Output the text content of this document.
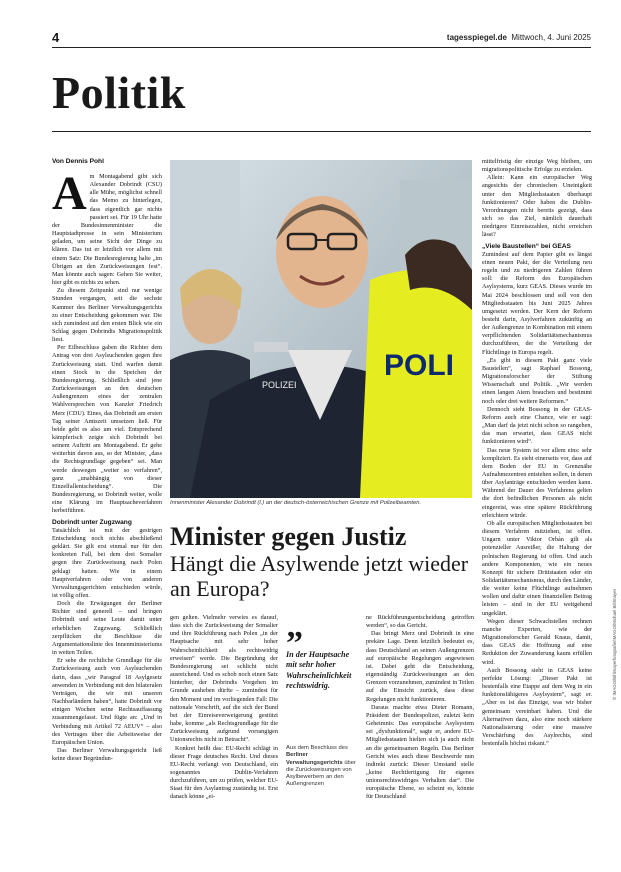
4	tagesspiegel.de Mittwoch, 4. Juni 2025
Politik
Von Dennis Pohl

Am Montagabend gibt sich Alexander Dobrindt (CSU) alle Mühe, möglichst schnell das Memo zu hinterlegen, dass eigentlich gar nichts passiert sei. Für 19 Uhr hatte der Bundesinnenminister die Hauptstadtpresse in sein Ministerium geladen, um seine Sicht der Dinge zu klären. Das tut er letztlich vor allem mit einem Satz: Die Bundesregierung halte „im Übrigen an den Zurückweisungen fest“. Man könnte auch sagen: Gehen Sie weiter, hier gibt es nichts zu sehen.

Zu diesem Zeitpunkt sind nur wenige Stunden vergangen, seit die sechste Kammer des Berliner Verwaltungsgerichts zu einer Entscheidung gekommen war. Die sich zumindest auf den ersten Blick wie ein Schlag gegen Dobrindts Migrationspolitik liest.

Per Eilbeschluss gaben die Richter dem Antrag von drei Asylsuchenden gegen ihre Zurückweisung statt. Und warfen damit einen Stock in die Speichen der Bundesregierung. Schließlich sind jene Zurückweisungen an den deutschen Außengrenzen eines der zentralen Wahlversprechen von Kanzler Friedrich Merz (CDU). Eines, das Dobrindt am ersten Tag seiner Amtszeit umsetzen ließ. Für beide geht es also um viel. Entsprechend kämpferisch zeigte sich Dobrindt bei seinem Auftritt am Montagabend. Er gehe weiterhin davon aus, so der Minister, „dass die Rechtsgrundlage gegeben“ sei. Man werde deswegen „weiter so verfahren“, ganz „unabhängig von dieser Einzelfallentscheidung“. Die Bundesregierung, so Dobrindt weiter, wolle eine Klärung im Hauptsacheverfahren herbeiführen.

Dobrindt unter Zugzwang

Tatsächlich ist mit der gestrigen Entscheidung noch nichts abschließend geklärt. Sie gilt erst einmal nur für den konkreten Fall, bei dem drei Somalier gegen ihre Zurückweisung nach Polen geklagt hatten. Wie in einem Hauptverfahren oder von anderen Verwaltungsgerichten entschieden würde, ist völlig offen.

Doch die Erwägungen der Berliner Richter sind generell – und bringen Dobrindt und seine Leute damit unter erheblichen Zugzwang. Schließlich zerpflücken die Beschlüsse die Argumentationslinie des Innenministeriums in weiten Teilen.

Er sehe die rechtliche Grundlage für die Zurückweisung auch von Asylsuchenden darin, dass „wir Paragraf 18 Asylgesetz anwenden in Verbindung mit den bilateralen Verträgen, die wir mit unseren Nachbarländern haben“, hatte Dobrindt vor einigen Wochen seine Rechtsauffassung zusammengefasst. Und fügte an: „Und in Verbindung mit Artikel 72 AEUV“ – also des Vertrages über die Arbeitsweise der Europäischen Union.

Das Berliner Verwaltungsgericht ließ keine dieser Begründun-

POLI
POLIZEI
Innenminister Alexander Dobrindt (l.) an der deutsch-österreichischen Grenze mit Polizeibeamten.
Minister gegen Justiz
Hängt die Asylwende jetzt wieder an Europa?

gen gelten. Vielmehr verwies es darauf, dass sich die Zurückweisung der Somalier und ihre Rückführung nach Polen „in der Hauptsache mit sehr hoher Wahrscheinlichkeit als rechtswidrig erweisen“ werde. Die Begründung der Bundesregierung sei schlicht nicht ausreichend. Und es schob noch einen Satz hinterher, der Dobrindts Vorgehen im Grunde ausheben dürfte – zumindest für den Moment und im vorliegenden Fall: Die nationale Vorschrift, auf die sich der Bund bei der Einreiseverweigerung gestützt habe, komme „als Rechtsgrundlage für die Zurückweisung aufgrund vorrangigen Unionsrechts nicht in Betracht“.

Konkret heißt das: EU-Recht schlägt in dieser Frage deutsches Recht. Und dieses EU-Recht verlangt von Deutschland, ein sogenanntes Dublin-Verfahren durchzuführen, um zu prüfen, welcher EU-Staat für den Asylantrag zuständig ist. Erst danach könne „ei-

”
In der Hauptsache mit sehr hoher Wahrscheinlichkeit rechtswidrig.
Aus dem Beschluss des Berliner Verwaltungsgerichts über die Zurückweisungen von Asylbewerbern an den Außengrenzen

ne Rückführungsentscheidung getroffen werden“, so das Gericht.

Das bringt Merz und Dobrindt in eine prekäre Lage. Denn letztlich bedeutet es, dass Deutschland an seinen Außengrenzen auf europäische Regelungen angewiesen ist. Dabei geht die Entscheidung, eigenständig Zurückweisungen an den Grenzen vorzunehmen, zumindest in Teilen auf die Einsicht zurück, dass diese Regelungen nicht funktionieren.

Daraus machte etwa Dieter Romann, Präsident der Bundespolizei, zuletzt kein Geheimnis: Das europäische Asylsystem sei „dysfunktional“, sagte er, andere EU-Mitgliedsstaaten hielten sich ja auch nicht an die gemeinsamen Regeln. Das Berliner Gericht wies auch diese Beschwerde nun indirekt zurück: Dieser Umstand stelle „keine Rechtfertigung für eigenes unionsrechtswidriges Verhalten dar“. Die europäische Ebene, so scheint es, könnte für Deutschland

mittelfristig der einzige Weg bleiben, um migrationspolitische Erfolge zu erzielen.

Allein: Kann ein europäischer Weg angesichts der chronischen Uneinigkeit unter den Mitgliedsstaaten überhaupt funktionieren? Oder haben die Dublin-Verordnungen nicht bereits gezeigt, dass sich so das Ziel, nämlich dauerhaft niedrigere Einreisezahlen, nicht erreichen lässt?

„Viele Baustellen“ bei GEAS

Zumindest auf dem Papier gibt es längst einen neuen Pakt, der die Verteilung neu regeln und zu niedrigeren Zahlen führen soll: die Reform des Europäischen Asylsystems, kurz GEAS. Dieses wurde im Mai 2024 beschlossen und soll von den Mitgliedsstaaten bis Juni 2025 Jahres umgesetzt werden. Der Kern der Reform besteht darin, Asylverfahren zukünftig an der Außengrenze in Kombination mit einem verpflichtenden Solidaritätsmechanismus durchzuführen, der die Verteilung der Flüchtlinge in Europa regelt.

„Es gibt in diesem Pakt ganz viele Baustellen“, sagt Raphael Bossong, Migrationsforscher der Stiftung Wissenschaft und Politik. „Wir werden einen langen Atem brauchen und bestimmt noch oder drei weitere Reformen.“

Dennoch sieht Bossong in der GEAS-Reform auch eine Chance, wie er sagt: „Man darf da jetzt nicht schon so rangehen, das man erwartet, dass GEAS nicht funktionieren wird“.

Das neue System ist vor allem eins: sehr kompliziert. Es sieht einerseits vor, dass auf dem Boden der EU in Grenznähe Aufnahmezentren entstehen sollen, in denen über Asylanträge entschieden werden kann. Während der Dauer des Verfahrens gelten die dort befindlichen Personen als nicht eingereist, was eine spätere Rückführung erleichtern würde.

Ob alle europäischen Mitgliedsstaaten bei diesem Verfahren mitziehen, ist offen. Ungarn unter Viktor Orbán gilt als potenzieller Ausreißer, die Haltung der polnischen Regierung ist offen. Und auch andere Komponenten, wie ein neues Konzept für sichere Drittstaaten oder ein Solidaritätsmechanismus, durch den Länder, die weiter keine Flüchtlinge aufnehmen wollen und dafür einen finanziellen Beitrag leisten – sind in der EU weitgehend ungeklärt.

Wegen dieser Schwachstellen rechnen manche Experten, wie der Migrationsforscher Gerald Knaus, damit, dass GEAS die Hoffnung auf eine Reduktion der Zuwanderung kaum erfüllen wird.

Auch Bossong sieht in GEAS keine perfekte Lösung: „Dieser Pakt ist bestenfalls eine Etappe auf dem Weg in ein funktionsfähigeres Asylsystem“, sagt er. „Aber es ist das Einzige, was wir bisher gemeinsam vereinbart haben. Und die Alternativen dazu, also eine noch stärkere Nationalisierung oder eine massive Verschärfung des Asylrechts, sind bestenfalls höchst riskant.“

© IMAGO/Bihlmayerfotografie/IMAGO/Michael Bihlmayer
